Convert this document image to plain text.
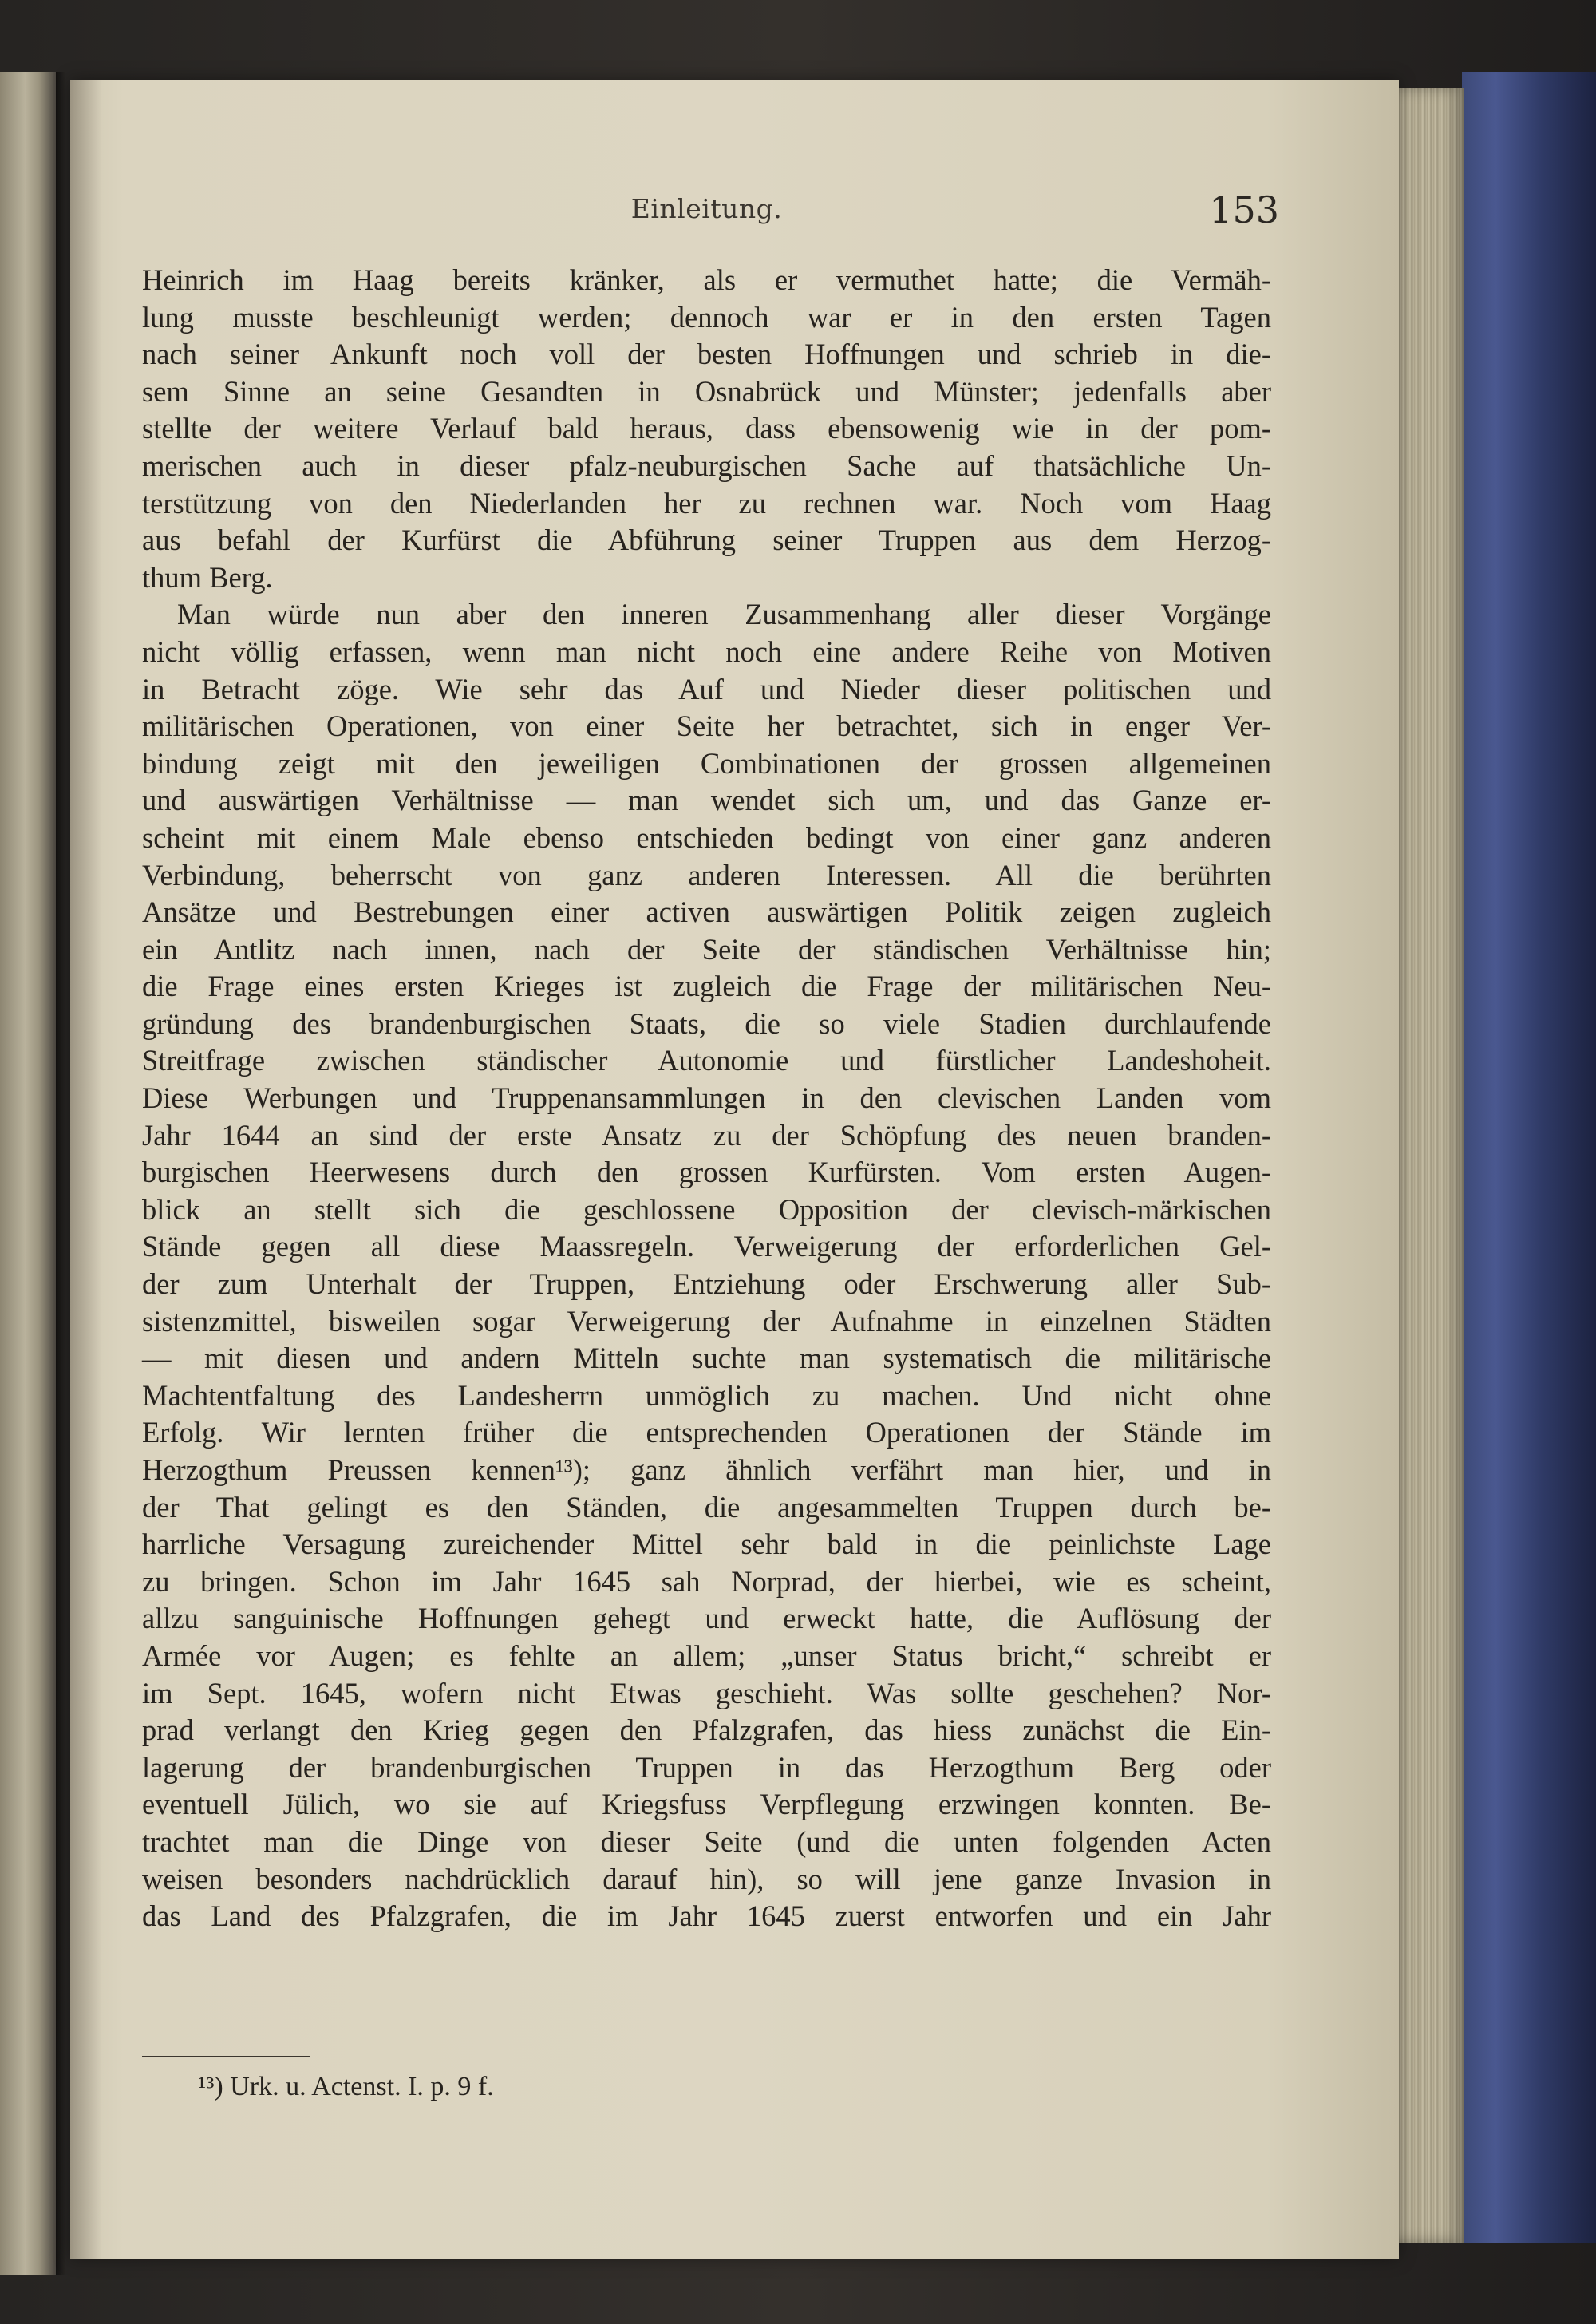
Einleitung.	153
Heinrich im Haag bereits kränker, als er vermuthet hatte; die Vermäh-
lung musste beschleunigt werden; dennoch war er in den ersten Tagen
nach seiner Ankunft noch voll der besten Hoffnungen und schrieb in die-
sem Sinne an seine Gesandten in Osnabrück und Münster; jedenfalls aber
stellte der weitere Verlauf bald heraus, dass ebensowenig wie in der pom-
merischen auch in dieser pfalz-neuburgischen Sache auf thatsächliche Un-
terstützung von den Niederlanden her zu rechnen war. Noch vom Haag
aus befahl der Kurfürst die Abführung seiner Truppen aus dem Herzog-
thum Berg.
Man würde nun aber den inneren Zusammenhang aller dieser Vorgänge
nicht völlig erfassen, wenn man nicht noch eine andere Reihe von Motiven
in Betracht zöge. Wie sehr das Auf und Nieder dieser politischen und
militärischen Operationen, von einer Seite her betrachtet, sich in enger Ver-
bindung zeigt mit den jeweiligen Combinationen der grossen allgemeinen
und auswärtigen Verhältnisse — man wendet sich um, und das Ganze er-
scheint mit einem Male ebenso entschieden bedingt von einer ganz anderen
Verbindung, beherrscht von ganz anderen Interessen. All die berührten
Ansätze und Bestrebungen einer activen auswärtigen Politik zeigen zugleich
ein Antlitz nach innen, nach der Seite der ständischen Verhältnisse hin;
die Frage eines ersten Krieges ist zugleich die Frage der militärischen Neu-
gründung des brandenburgischen Staats, die so viele Stadien durchlaufende
Streitfrage zwischen ständischer Autonomie und fürstlicher Landeshoheit.
Diese Werbungen und Truppenansammlungen in den clevischen Landen vom
Jahr 1644 an sind der erste Ansatz zu der Schöpfung des neuen branden-
burgischen Heerwesens durch den grossen Kurfürsten. Vom ersten Augen-
blick an stellt sich die geschlossene Opposition der clevisch-märkischen
Stände gegen all diese Maassregeln. Verweigerung der erforderlichen Gel-
der zum Unterhalt der Truppen, Entziehung oder Erschwerung aller Sub-
sistenzmittel, bisweilen sogar Verweigerung der Aufnahme in einzelnen Städten
— mit diesen und andern Mitteln suchte man systematisch die militärische
Machtentfaltung des Landesherrn unmöglich zu machen. Und nicht ohne
Erfolg. Wir lernten früher die entsprechenden Operationen der Stände im
Herzogthum Preussen kennen¹³); ganz ähnlich verfährt man hier, und in
der That gelingt es den Ständen, die angesammelten Truppen durch be-
harrliche Versagung zureichender Mittel sehr bald in die peinlichste Lage
zu bringen. Schon im Jahr 1645 sah Norprad, der hierbei, wie es scheint,
allzu sanguinische Hoffnungen gehegt und erweckt hatte, die Auflösung der
Armée vor Augen; es fehlte an allem; „unser Status bricht,“ schreibt er
im Sept. 1645, wofern nicht Etwas geschieht. Was sollte geschehen? Nor-
prad verlangt den Krieg gegen den Pfalzgrafen, das hiess zunächst die Ein-
lagerung der brandenburgischen Truppen in das Herzogthum Berg oder
eventuell Jülich, wo sie auf Kriegsfuss Verpflegung erzwingen konnten. Be-
trachtet man die Dinge von dieser Seite (und die unten folgenden Acten
weisen besonders nachdrücklich darauf hin), so will jene ganze Invasion in
das Land des Pfalzgrafen, die im Jahr 1645 zuerst entworfen und ein Jahr
¹³) Urk. u. Actenst. I. p. 9 f.
